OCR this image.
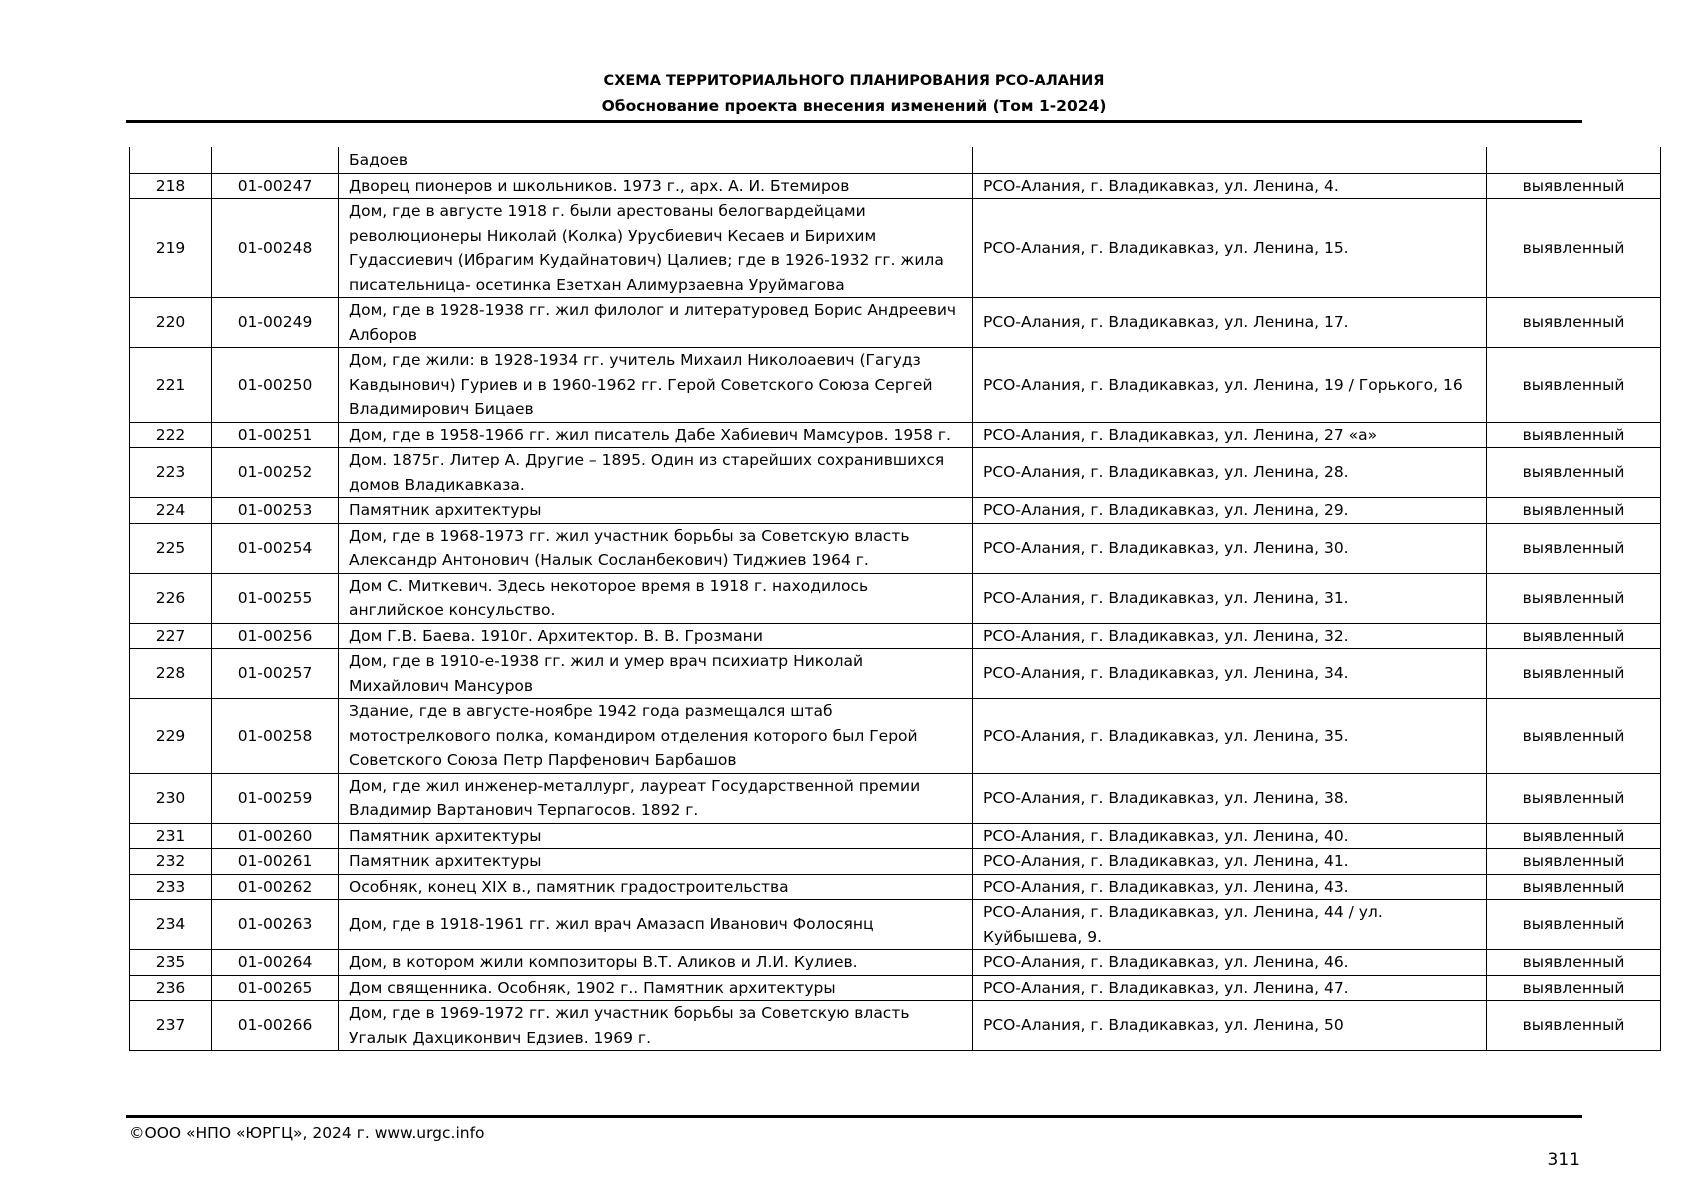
СХЕМА ТЕРРИТОРИАЛЬНОГО ПЛАНИРОВАНИЯ РСО-АЛАНИЯ
Обоснование проекта внесения изменений (Том 1-2024)
		Бадоев		
218	01-00247	Дворец пионеров и школьников. 1973 г., арх. А. И. Бтемиров	РСО-Алания, г. Владикавказ, ул. Ленина, 4.	выявленный
219	01-00248	Дом, где в августе 1918 г. были арестованы белогвардейцами революционеры Николай (Колка) Урусбиевич Кесаев и Бирихим Гудассиевич (Ибрагим Кудайнатович) Цалиев; где в 1926-1932 гг. жила писательница- осетинка Езетхан Алимурзаевна Уруймагова	РСО-Алания, г. Владикавказ, ул. Ленина, 15.	выявленный
220	01-00249	Дом, где в 1928-1938 гг. жил филолог и литературовед Борис Андреевич Алборов	РСО-Алания, г. Владикавказ, ул. Ленина, 17.	выявленный
221	01-00250	Дом, где жили: в 1928-1934 гг. учитель Михаил Николоаевич (Гагудз Кавдынович) Гуриев и в 1960-1962 гг. Герой Советского Союза Сергей Владимирович Бицаев	РСО-Алания, г. Владикавказ, ул. Ленина, 19 / Горького, 16	выявленный
222	01-00251	Дом, где в 1958-1966 гг. жил писатель Дабе Хабиевич Мамсуров. 1958 г.	РСО-Алания, г. Владикавказ, ул. Ленина, 27 «а»	выявленный
223	01-00252	Дом. 1875г. Литер А. Другие – 1895. Один из старейших сохранившихся домов Владикавказа.	РСО-Алания, г. Владикавказ, ул. Ленина, 28.	выявленный
224	01-00253	Памятник архитектуры	РСО-Алания, г. Владикавказ, ул. Ленина, 29.	выявленный
225	01-00254	Дом, где в 1968-1973 гг. жил участник борьбы за Советскую власть Александр Антонович (Налык Сосланбекович) Тиджиев 1964 г.	РСО-Алания, г. Владикавказ, ул. Ленина, 30.	выявленный
226	01-00255	Дом С. Миткевич. Здесь некоторое время в 1918 г. находилось английское консульство.	РСО-Алания, г. Владикавказ, ул. Ленина, 31.	выявленный
227	01-00256	Дом Г.В. Баева. 1910г. Архитектор. В. В. Грозмани	РСО-Алания, г. Владикавказ, ул. Ленина, 32.	выявленный
228	01-00257	Дом, где в 1910-е-1938 гг. жил и умер врач психиатр Николай Михайлович Мансуров	РСО-Алания, г. Владикавказ, ул. Ленина, 34.	выявленный
229	01-00258	Здание, где в августе-ноябре 1942 года размещался штаб мотострелкового полка, командиром отделения которого был Герой Советского Союза Петр Парфенович Барбашов	РСО-Алания, г. Владикавказ, ул. Ленина, 35.	выявленный
230	01-00259	Дом, где жил инженер-металлург, лауреат Государственной премии Владимир Вартанович Терпагосов. 1892 г.	РСО-Алания, г. Владикавказ, ул. Ленина, 38.	выявленный
231	01-00260	Памятник архитектуры	РСО-Алания, г. Владикавказ, ул. Ленина, 40.	выявленный
232	01-00261	Памятник архитектуры	РСО-Алания, г. Владикавказ, ул. Ленина, 41.	выявленный
233	01-00262	Особняк, конец XIX в., памятник градостроительства	РСО-Алания, г. Владикавказ, ул. Ленина, 43.	выявленный
234	01-00263	Дом, где в 1918-1961 гг. жил врач Амазасп Иванович Фолосянц	РСО-Алания, г. Владикавказ, ул. Ленина, 44 / ул. Куйбышева, 9.	выявленный
235	01-00264	Дом, в котором жили композиторы В.Т. Аликов и Л.И. Кулиев.	РСО-Алания, г. Владикавказ, ул. Ленина, 46.	выявленный
236	01-00265	Дом священника. Особняк, 1902 г.. Памятник архитектуры	РСО-Алания, г. Владикавказ, ул. Ленина, 47.	выявленный
237	01-00266	Дом, где в 1969-1972 гг. жил участник борьбы за Советскую власть Угалык Дахциконвич Едзиев. 1969 г.	РСО-Алания, г. Владикавказ, ул. Ленина, 50	выявленный
©ООО «НПО «ЮРГЦ», 2024 г. www.urgc.info
311
